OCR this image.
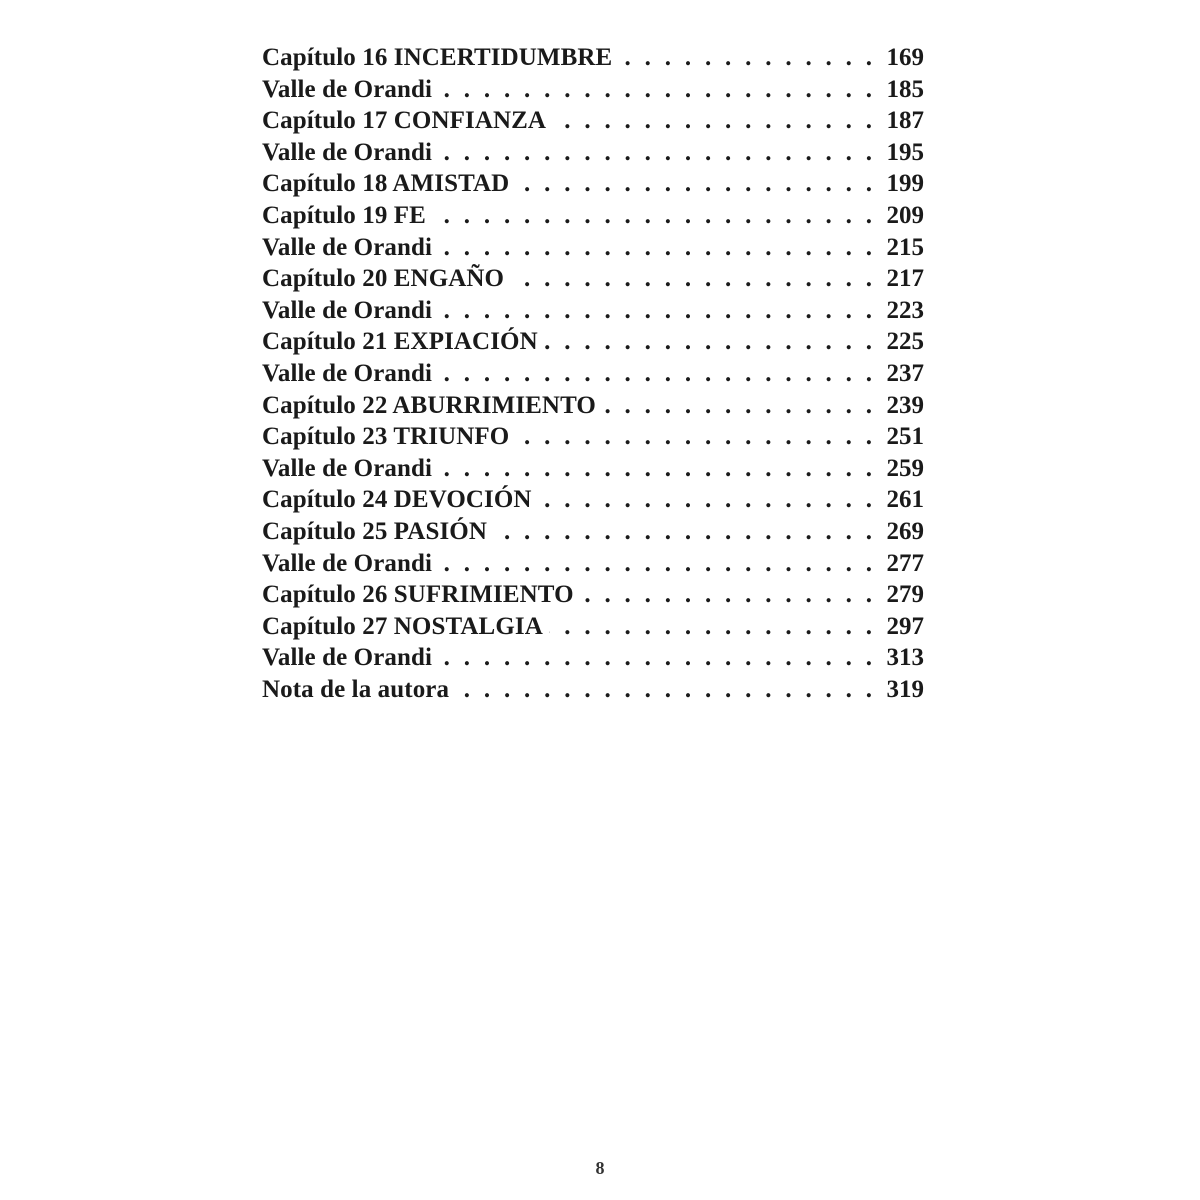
Capítulo 16 INCERTIDUMBRE . . .	169
Valle de Orandi . . .	185
Capítulo 17 CONFIANZA . . .	187
Valle de Orandi . . .	195
Capítulo 18 AMISTAD . . .	199
Capítulo 19 FE . . .	209
Valle de Orandi . . .	215
Capítulo 20 ENGAÑO . . .	217
Valle de Orandi . . .	223
Capítulo 21 EXPIACIÓN . . .	225
Valle de Orandi . . .	237
Capítulo 22 ABURRIMIENTO . . .	239
Capítulo 23 TRIUNFO . . .	251
Valle de Orandi . . .	259
Capítulo 24 DEVOCIÓN . . .	261
Capítulo 25 PASIÓN . . .	269
Valle de Orandi . . .	277
Capítulo 26 SUFRIMIENTO . . .	279
Capítulo 27 NOSTALGIA . . .	297
Valle de Orandi . . .	313
Nota de la autora . . .	319
8
